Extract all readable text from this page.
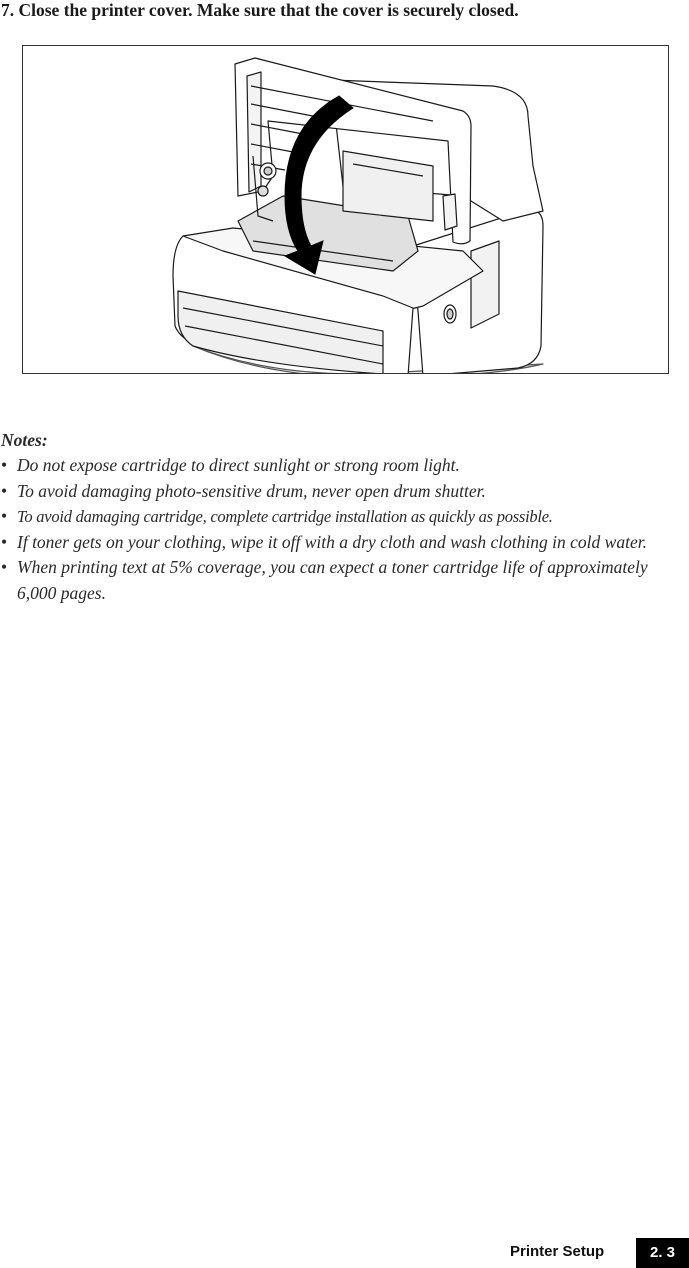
7. Close the printer cover. Make sure that the cover is securely closed.

Notes:

• Do not expose cartridge to direct sunlight or strong room light.
• To avoid damaging photo-sensitive drum, never open drum shutter.
• To avoid damaging cartridge, complete cartridge installation as quickly as possible.
• If toner gets on your clothing, wipe it off with a dry cloth and wash clothing in cold water.
• When printing text at 5% coverage, you can expect a toner cartridge life of approximately 6,000 pages.
Printer Setup	2. 3
